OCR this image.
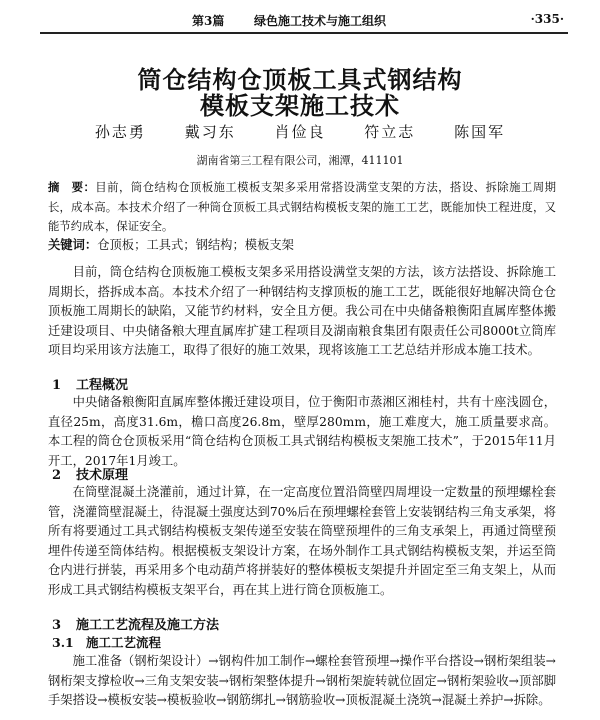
第3篇 绿色施工技术与施工组织	·335·
筒仓结构仓顶板工具式钢结构
模板支架施工技术
孙志勇	戴习东	肖俭良	符立志	陈国军
湖南省第三工程有限公司，湘潭，411101
摘　要：目前，筒仓结构仓顶板施工模板支架多采用常搭设满堂支架的方法，搭设、拆除施工周期长，成本高。本技术介绍了一种筒仓顶板工具式钢结构模板支架的施工工艺，既能加快工程进度，又能节约成本，保证安全。
关键词：仓顶板；工具式；钢结构；模板支架
目前，筒仓结构仓顶板施工模板支架多采用搭设满堂支架的方法，该方法搭设、拆除施工周期长，搭拆成本高。本技术介绍了一种钢结构支撑顶板的施工工艺，既能很好地解决筒仓仓顶板施工周期长的缺陷，又能节约材料，安全且方便。我公司在中央储备粮衡阳直属库整体搬迁建设项目、中央储备粮大理直属库扩建工程项目及湖南粮食集团有限责任公司8000t立筒库项目均采用该方法施工，取得了很好的施工效果，现将该施工工艺总结并形成本施工技术。
1 工程概况
中央储备粮衡阳直属库整体搬迁建设项目，位于衡阳市蒸湘区湘桂村，共有十座浅圆仓，直径25m，高度31.6m，檐口高度26.8m，壁厚280mm，施工难度大，施工质量要求高。本工程的筒仓仓顶板采用“筒仓结构仓顶板工具式钢结构模板支架施工技术”，于2015年11月开工，2017年1月竣工。
2 技术原理
在筒壁混凝土浇灌前，通过计算，在一定高度位置沿筒壁四周埋设一定数量的预埋螺栓套管，浇灌筒壁混凝土，待混凝土强度达到70%后在预埋螺栓套管上安装钢结构三角支承架，将所有将要通过工具式钢结构模板支架传递至安装在筒壁预埋件的三角支承架上，再通过筒壁预埋件传递至筒体结构。根据模板支架设计方案，在场外制作工具式钢结构模板支架，并运至筒仓内进行拼装，再采用多个电动葫芦将拼装好的整体模板支架提升并固定至三角支架上，从而形成工具式钢结构模板支架平台，再在其上进行筒仓顶板施工。
3 施工工艺流程及施工方法
3.1 施工工艺流程
施工准备（钢桁架设计）→钢构件加工制作→螺栓套管预埋→操作平台搭设→钢桁架组装→钢桁架支撑检收→三角支架安装→钢桁架整体提升→钢桁架旋转就位固定→钢桁架验收→顶部脚手架搭设→模板安装→模板验收→钢筋绑扎→钢筋验收→顶板混凝土浇筑→混凝土养护→拆除。
